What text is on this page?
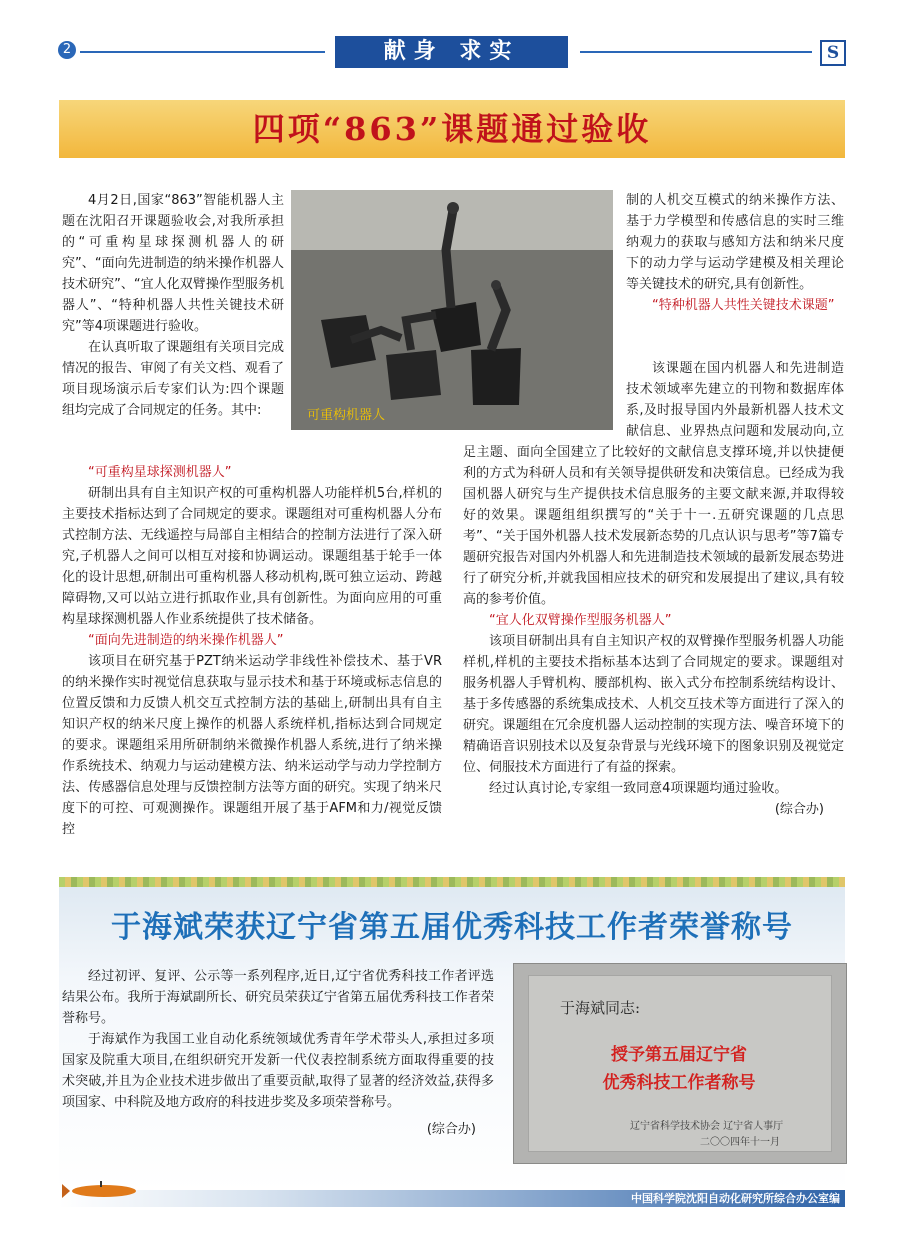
2	献身 求实	S
四项“863”课题通过验收
可重构机器人

4月2日,国家“863”智能机器人主题在沈阳召开课题验收会,对我所承担的“可重构星球探测机器人的研究”、“面向先进制造的纳米操作机器人技术研究”、“宜人化双臂操作型服务机器人”、“特种机器人共性关键技术研究”等4项课题进行验收。

在认真听取了课题组有关项目完成情况的报告、审阅了有关文档、观看了项目现场演示后专家们认为:四个课题组均完成了合同规定的任务。其中:

“可重构星球探测机器人”

研制出具有自主知识产权的可重构机器人功能样机5台,样机的主要技术指标达到了合同规定的要求。课题组对可重构机器人分布式控制方法、无线遥控与局部自主相结合的控制方法进行了深入研究,子机器人之间可以相互对接和协调运动。课题组基于轮手一体化的设计思想,研制出可重构机器人移动机构,既可独立运动、跨越障碍物,又可以站立进行抓取作业,具有创新性。为面向应用的可重构星球探测机器人作业系统提供了技术储备。

“面向先进制造的纳米操作机器人”

该项目在研究基于PZT纳米运动学非线性补偿技术、基于VR的纳米操作实时视觉信息获取与显示技术和基于环境或标志信息的位置反馈和力反馈人机交互式控制方法的基础上,研制出具有自主知识产权的纳米尺度上操作的机器人系统样机,指标达到合同规定的要求。课题组采用所研制纳米微操作机器人系统,进行了纳米操作系统技术、纳观力与运动建模方法、纳米运动学与动力学控制方法、传感器信息处理与反馈控制方法等方面的研究。实现了纳米尺度下的可控、可观测操作。课题组开展了基于AFM和力/视觉反馈控

制的人机交互模式的纳米操作方法、基于力学模型和传感信息的实时三维纳观力的获取与感知方法和纳米尺度下的动力学与运动学建模及相关理论等关键技术的研究,具有创新性。

“特种机器人共性关键技术课题”

该课题在国内机器人和先进制造技术领域率先建立的刊物和数据库体系,及时报导国内外最新机器人技术文献信息、业界热点问题和发展动向,立足主题、面向全国建立了比较好的文献信息支撑环境,并以快捷便利的方式为科研人员和有关领导提供研发和决策信息。已经成为我国机器人研究与生产提供技术信息服务的主要文献来源,并取得较好的效果。课题组组织撰写的“关于十一.五研究课题的几点思考”、“关于国外机器人技术发展新态势的几点认识与思考”等7篇专题研究报告对国内外机器人和先进制造技术领域的最新发展态势进行了研究分析,并就我国相应技术的研究和发展提出了建议,具有较高的参考价值。

“宜人化双臂操作型服务机器人”

该项目研制出具有自主知识产权的双臂操作型服务机器人功能样机,样机的主要技术指标基本达到了合同规定的要求。课题组对服务机器人手臂机构、腰部机构、嵌入式分布控制系统结构设计、基于多传感器的系统集成技术、人机交互技术等方面进行了深入的研究。课题组在冗余度机器人运动控制的实现方法、噪音环境下的精确语音识别技术以及复杂背景与光线环境下的图象识别及视觉定位、伺服技术方面进行了有益的探索。

经过认真讨论,专家组一致同意4项课题均通过验收。

(综合办)

于海斌荣获辽宁省第五届优秀科技工作者荣誉称号

经过初评、复评、公示等一系列程序,近日,辽宁省优秀科技工作者评选结果公布。我所于海斌副所长、研究员荣获辽宁省第五届优秀科技工作者荣誉称号。

于海斌作为我国工业自动化系统领域优秀青年学术带头人,承担过多项国家及院重大项目,在组织研究开发新一代仪表控制系统方面取得重要的技术突破,并且为企业技术进步做出了重要贡献,取得了显著的经济效益,获得多项国家、中科院及地方政府的科技进步奖及多项荣誉称号。

(综合办)

于海斌同志:
授予第五届辽宁省
优秀科技工作者称号
辽宁省科学技术协会 辽宁省人事厅
二〇〇四年十一月
中国科学院沈阳自动化研究所综合办公室编
